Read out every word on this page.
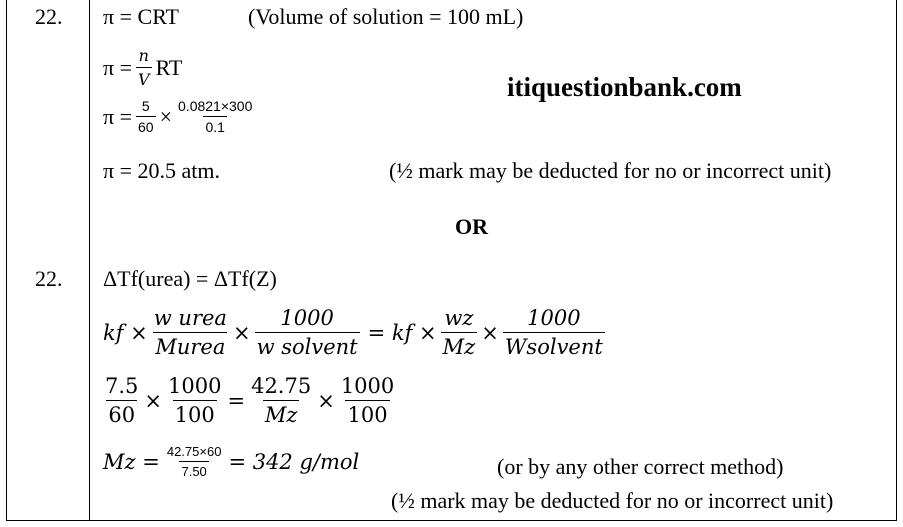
22. π = CRT	(Volume of solution = 100 mL)
$\pi = \frac{n}{V}$ RT
$\pi = \frac{5}{60} \times \frac{0.0821\times 300}{0.1}$
itiquestionbank.com
π = 20.5 atm.	(½ mark may be deducted for no or incorrect unit)
OR
22. ΔTf(urea) = ΔTf(Z)
kf × $\frac{\text{w urea}}{\text{Murea}} \times \frac{1000}{\text{w solvent}}$ = kf × $\frac{wz}{Mz} \times \frac{1000}{\text{Wsolvent}}$
$\frac{7.5}{60} \times \frac{1000}{100} = \frac{42.75}{Mz} \times \frac{1000}{100}$
$Mz = \frac{42.75\times 60}{7.50} = 342$ g/mol	(or by any other correct method)
(½ mark may be deducted for no or incorrect unit)
